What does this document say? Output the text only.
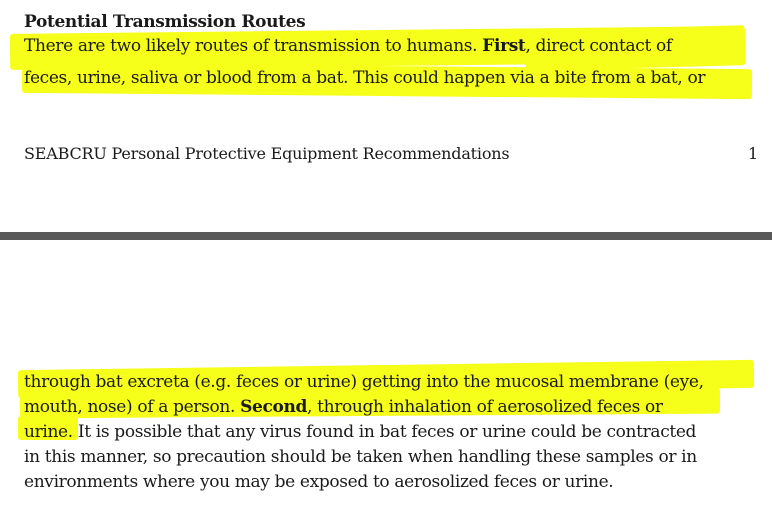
Potential Transmission Routes
There are two likely routes of transmission to humans. First, direct contact of
feces, urine, saliva or blood from a bat. This could happen via a bite from a bat, or
SEABCRU Personal Protective Equipment Recommendations	1
through bat excreta (e.g. feces or urine) getting into the mucosal membrane (eye,
mouth, nose) of a person. Second, through inhalation of aerosolized feces or
urine. It is possible that any virus found in bat feces or urine could be contracted
in this manner, so precaution should be taken when handling these samples or in
environments where you may be exposed to aerosolized feces or urine.
